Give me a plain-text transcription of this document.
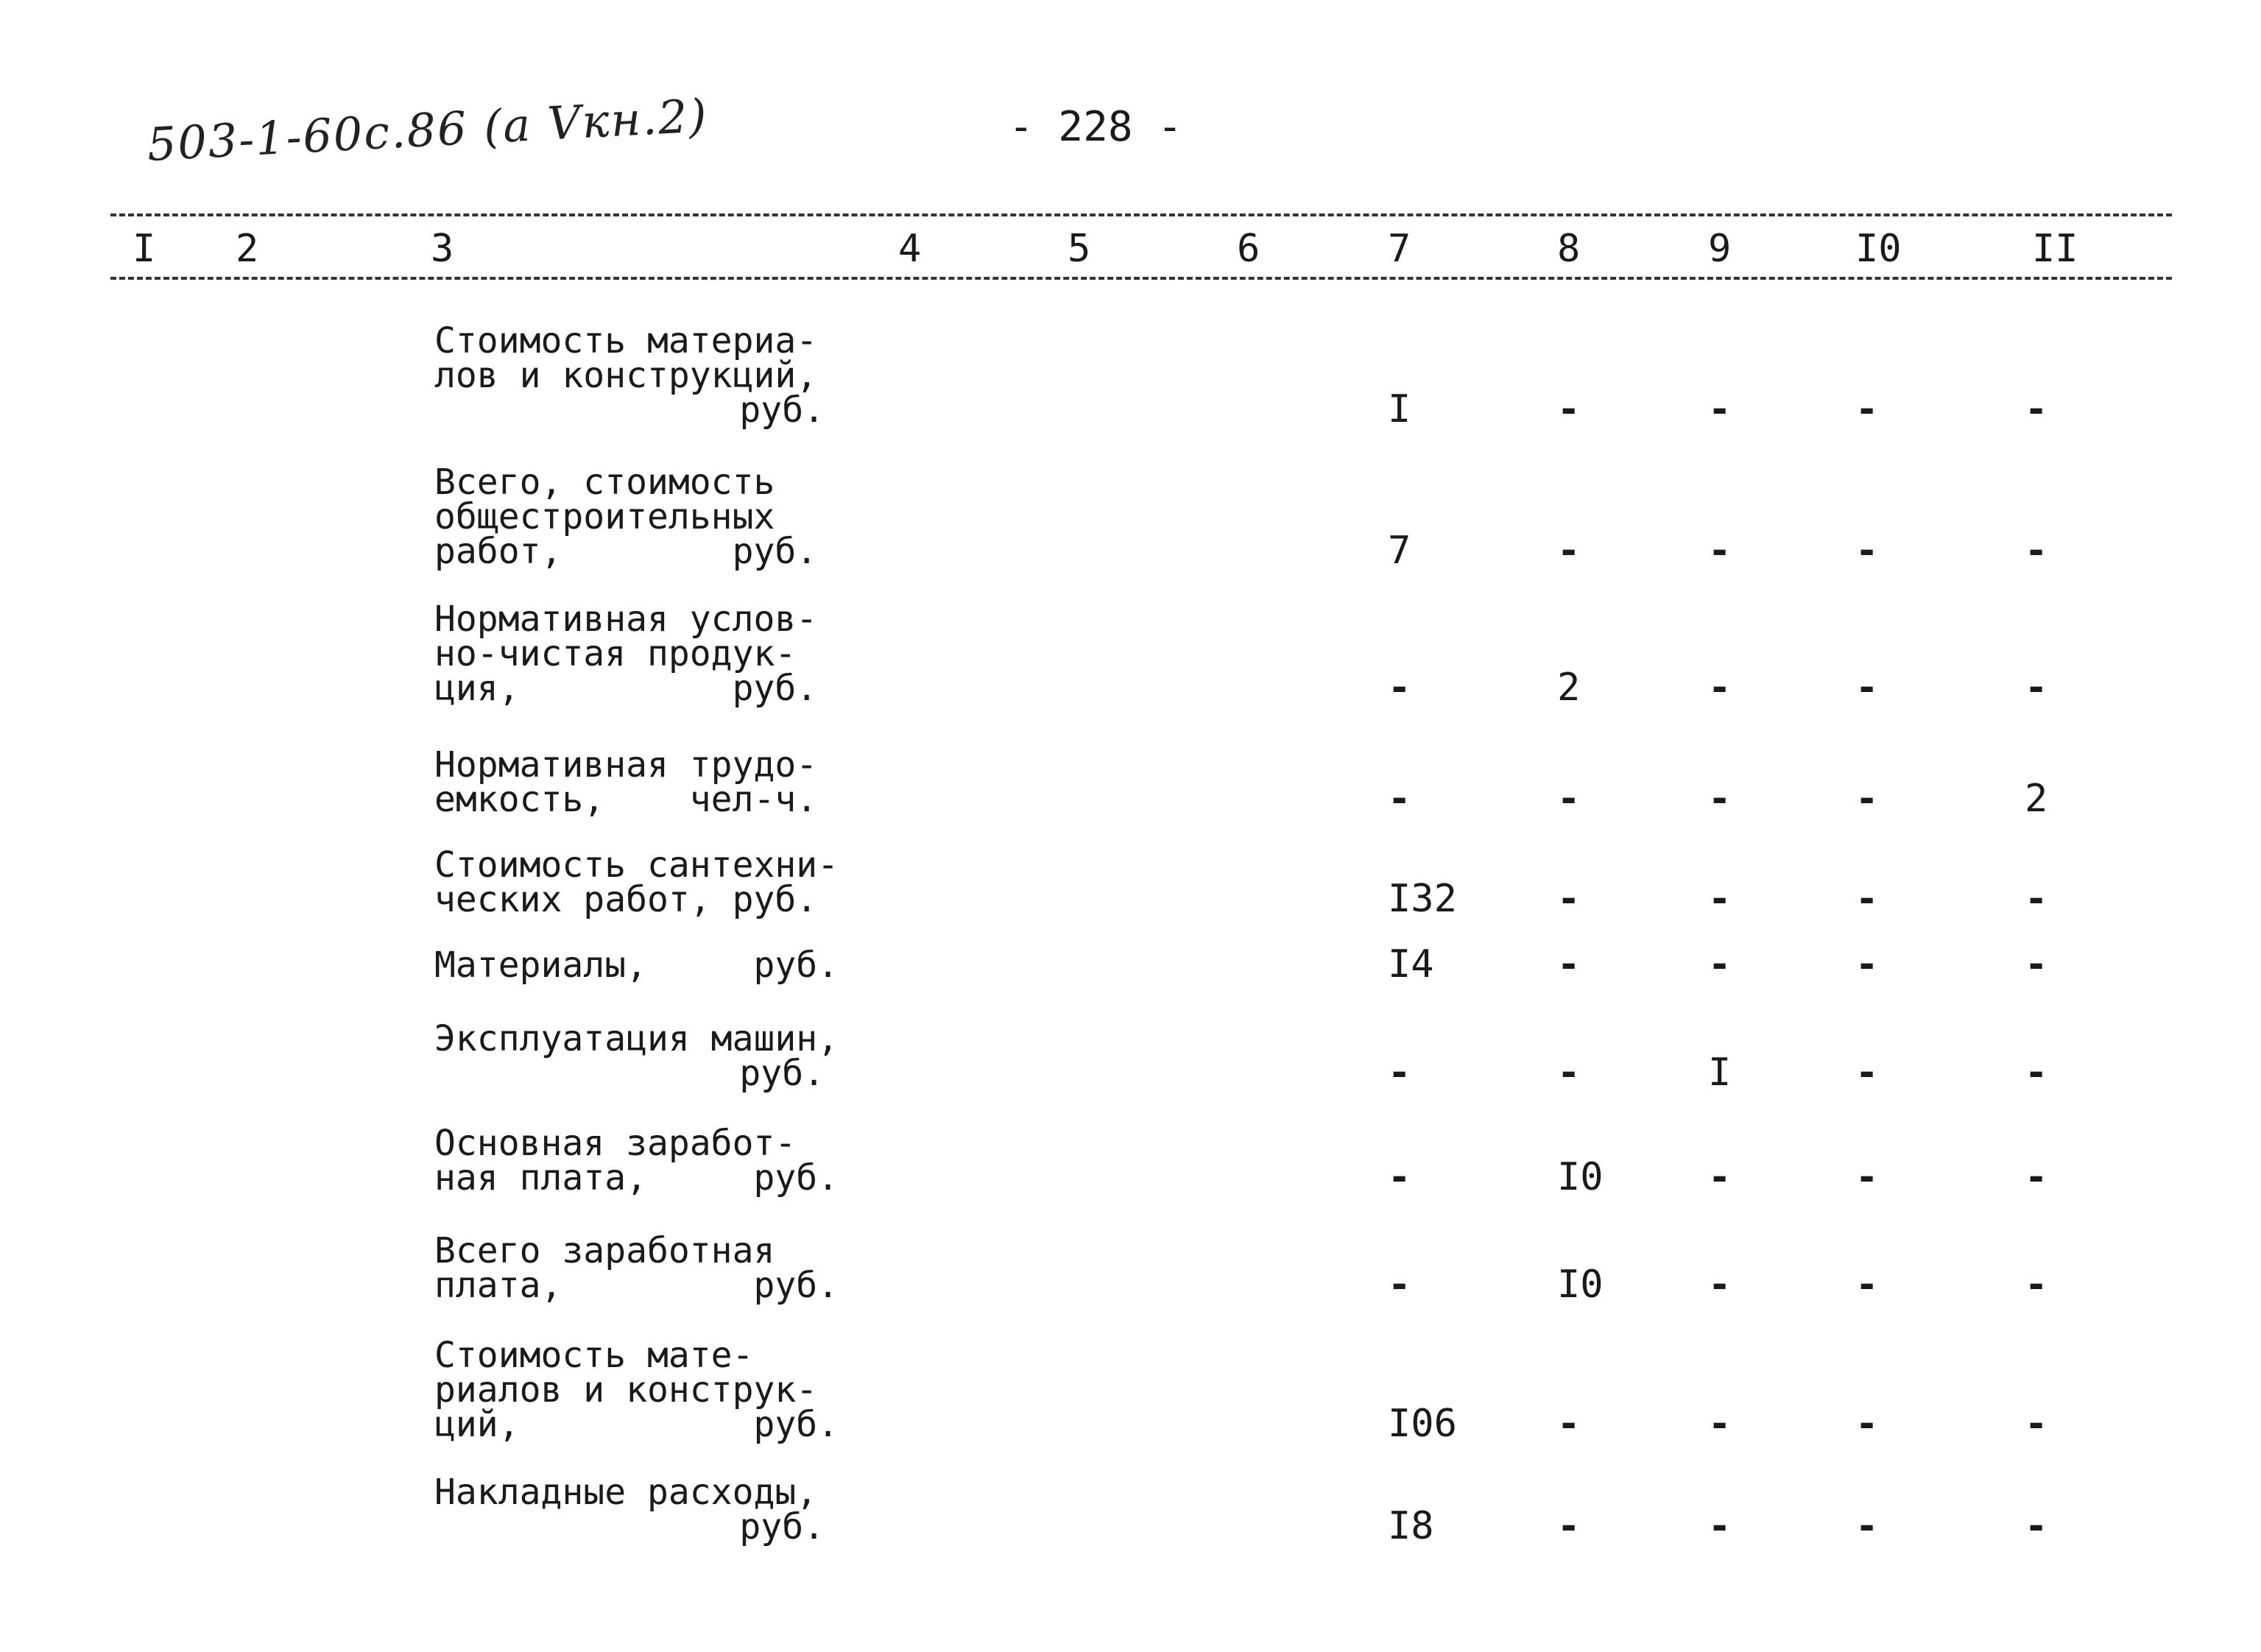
503-1-60с.86 (а Vкн.2)	- 228 -
I 2	3	4	5	6	7	8	9	I0	II
Стоимость материа-
лов и конструкций,
руб.	I	-	-	-	-
Всего, стоимость
общестроительных
работ,        руб.	7	-	-	-	-
Нормативная услов-
но-чистая продук-
ция,          руб.	-	2	-	-	-
Нормативная трудо-
емкость,    чел-ч.	-	-	-	-	2
Стоимость сантехни-
ческих работ, руб.	I32	-	-	-	-
Материалы,     руб.	I4	-	-	-	-
Эксплуатация машин,
руб.	-	-	I	-	-
Основная заработ-
ная плата,     руб.	-	I0	-	-	-
Всего заработная
плата,         руб.	-	I0	-	-	-
Стоимость мате-
риалов и конструк-
ций,           руб.	I06	-	-	-	-
Накладные расходы,
руб.	I8	-	-	-	-
